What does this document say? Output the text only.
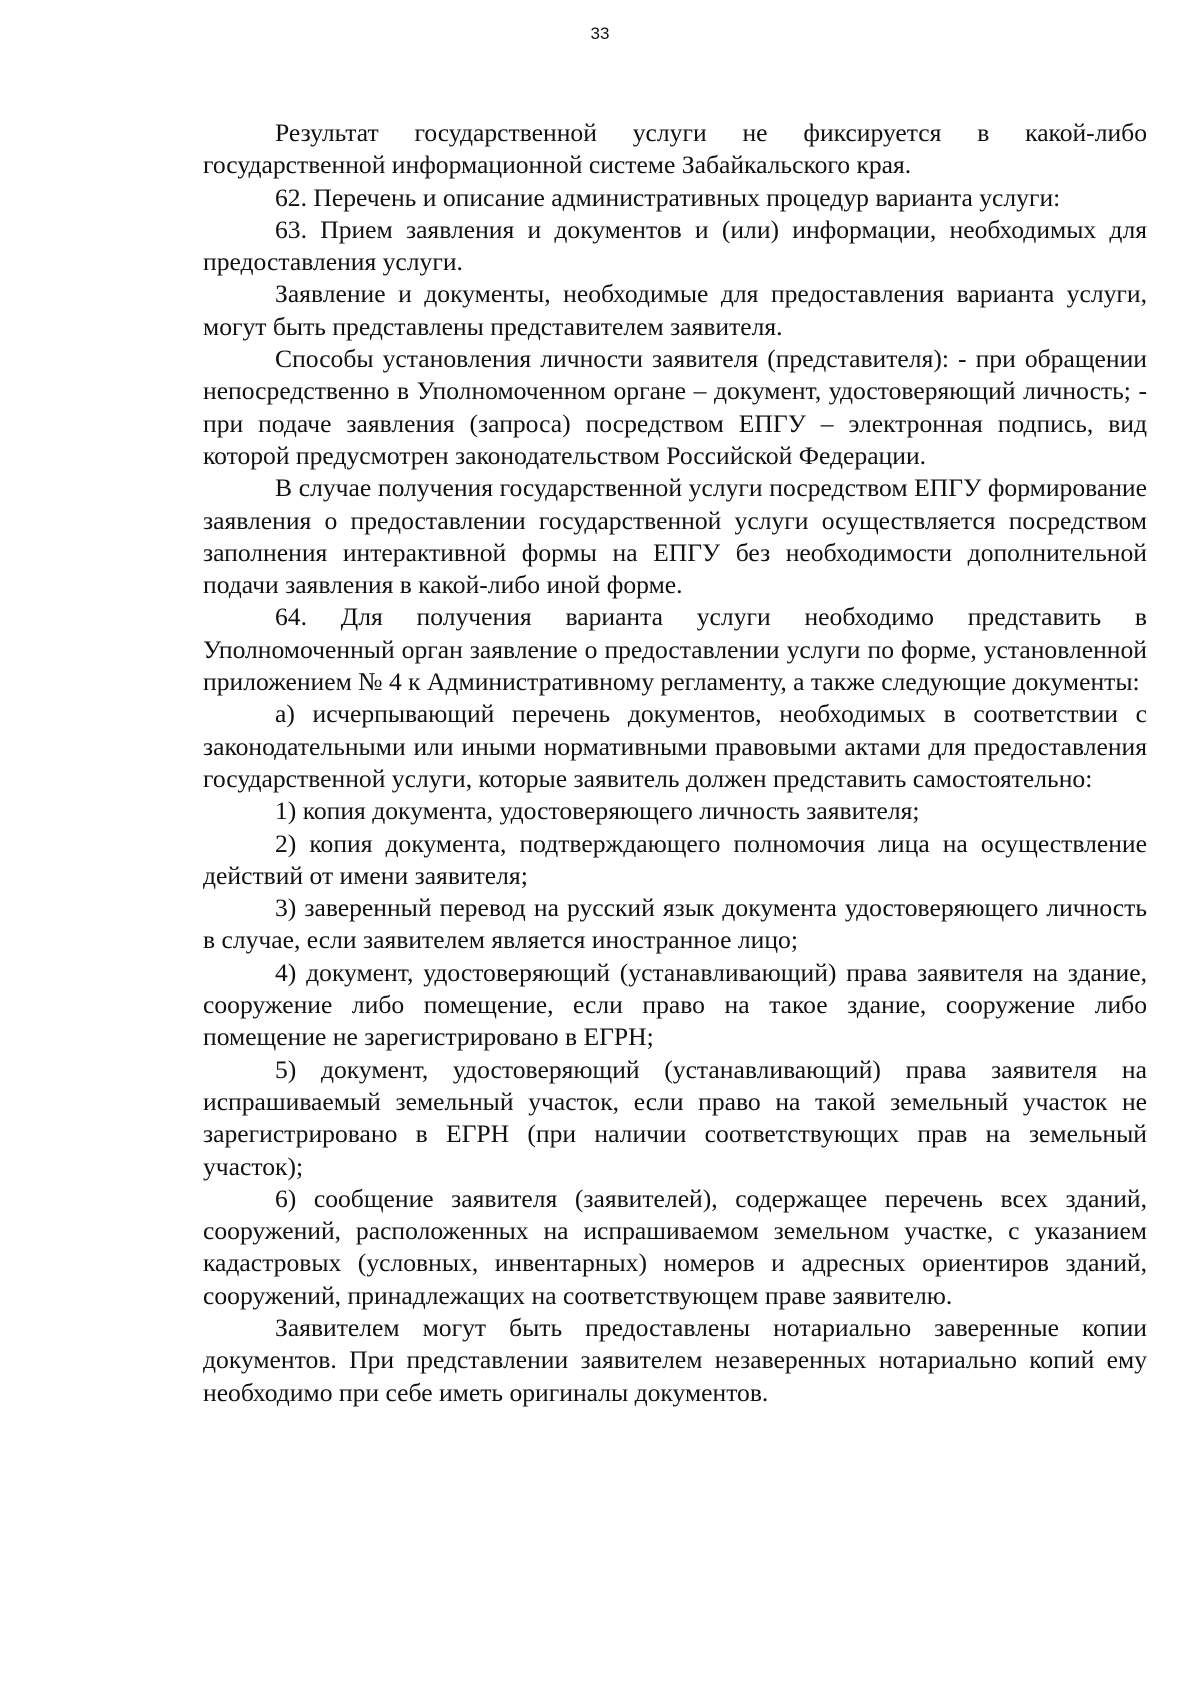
33

Результат государственной услуги не фиксируется в какой-либо государственной информационной системе Забайкальского края.

62. Перечень и описание административных процедур варианта услуги:

63. Прием заявления и документов и (или) информации, необходимых для предоставления услуги.

Заявление и документы, необходимые для предоставления варианта услуги, могут быть представлены представителем заявителя.

Способы установления личности заявителя (представителя): - при обращении непосредственно в Уполномоченном органе – документ, удостоверяющий личность; - при подаче заявления (запроса) посредством ЕПГУ – электронная подпись, вид которой предусмотрен законодательством Российской Федерации.

В случае получения государственной услуги посредством ЕПГУ формирование заявления о предоставлении государственной услуги осуществляется посредством заполнения интерактивной формы на ЕПГУ без необходимости дополнительной подачи заявления в какой-либо иной форме.

64. Для получения варианта услуги необходимо представить в Уполномоченный орган заявление о предоставлении услуги по форме, установленной приложением № 4 к Административному регламенту, а также следующие документы:

а) исчерпывающий перечень документов, необходимых в соответствии с законодательными или иными нормативными правовыми актами для предоставления государственной услуги, которые заявитель должен представить самостоятельно:

1) копия документа, удостоверяющего личность заявителя;

2) копия документа, подтверждающего полномочия лица на осуществление действий от имени заявителя;

3) заверенный перевод на русский язык документа удостоверяющего личность в случае, если заявителем является иностранное лицо;

4) документ, удостоверяющий (устанавливающий) права заявителя на здание, сооружение либо помещение, если право на такое здание, сооружение либо помещение не зарегистрировано в ЕГРН;

5) документ, удостоверяющий (устанавливающий) права заявителя на испрашиваемый земельный участок, если право на такой земельный участок не зарегистрировано в ЕГРН (при наличии соответствующих прав на земельный участок);

6) сообщение заявителя (заявителей), содержащее перечень всех зданий, сооружений, расположенных на испрашиваемом земельном участке, с указанием кадастровых (условных, инвентарных) номеров и адресных ориентиров зданий, сооружений, принадлежащих на соответствующем праве заявителю.

Заявителем могут быть предоставлены нотариально заверенные копии документов. При представлении заявителем незаверенных нотариально копий ему необходимо при себе иметь оригиналы документов.
